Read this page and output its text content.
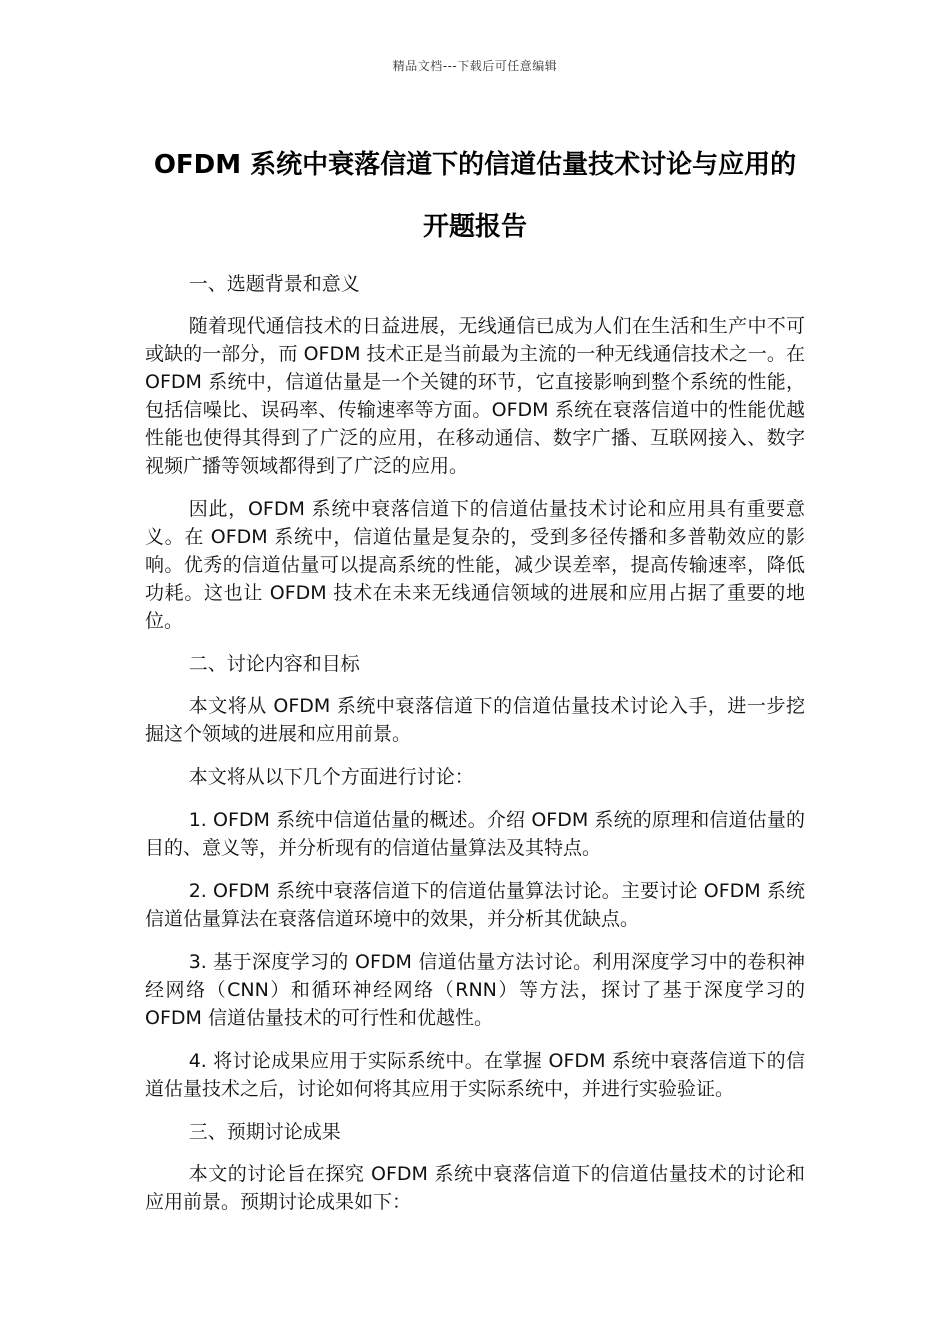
精品文档---下载后可任意编辑
OFDM 系统中衰落信道下的信道估量技术讨论与应用的开题报告
一、选题背景和意义

随着现代通信技术的日益进展，无线通信已成为人们在生活和生产中不可或缺的一部分，而 OFDM 技术正是当前最为主流的一种无线通信技术之一。在 OFDM 系统中，信道估量是一个关键的环节，它直接影响到整个系统的性能，包括信噪比、误码率、传输速率等方面。OFDM 系统在衰落信道中的性能优越性能也使得其得到了广泛的应用，在移动通信、数字广播、互联网接入、数字视频广播等领域都得到了广泛的应用。

因此，OFDM 系统中衰落信道下的信道估量技术讨论和应用具有重要意义。在 OFDM 系统中，信道估量是复杂的，受到多径传播和多普勒效应的影响。优秀的信道估量可以提高系统的性能，减少误差率，提高传输速率，降低功耗。这也让 OFDM 技术在未来无线通信领域的进展和应用占据了重要的地位。

二、讨论内容和目标

本文将从 OFDM 系统中衰落信道下的信道估量技术讨论入手，进一步挖掘这个领域的进展和应用前景。

本文将从以下几个方面进行讨论：

1. OFDM 系统中信道估量的概述。介绍 OFDM 系统的原理和信道估量的目的、意义等，并分析现有的信道估量算法及其特点。

2. OFDM 系统中衰落信道下的信道估量算法讨论。主要讨论 OFDM 系统信道估量算法在衰落信道环境中的效果，并分析其优缺点。

3. 基于深度学习的 OFDM 信道估量方法讨论。利用深度学习中的卷积神经网络（CNN）和循环神经网络（RNN）等方法，探讨了基于深度学习的 OFDM 信道估量技术的可行性和优越性。

4. 将讨论成果应用于实际系统中。在掌握 OFDM 系统中衰落信道下的信道估量技术之后，讨论如何将其应用于实际系统中，并进行实验验证。

三、预期讨论成果

本文的讨论旨在探究 OFDM 系统中衰落信道下的信道估量技术的讨论和应用前景。预期讨论成果如下：
